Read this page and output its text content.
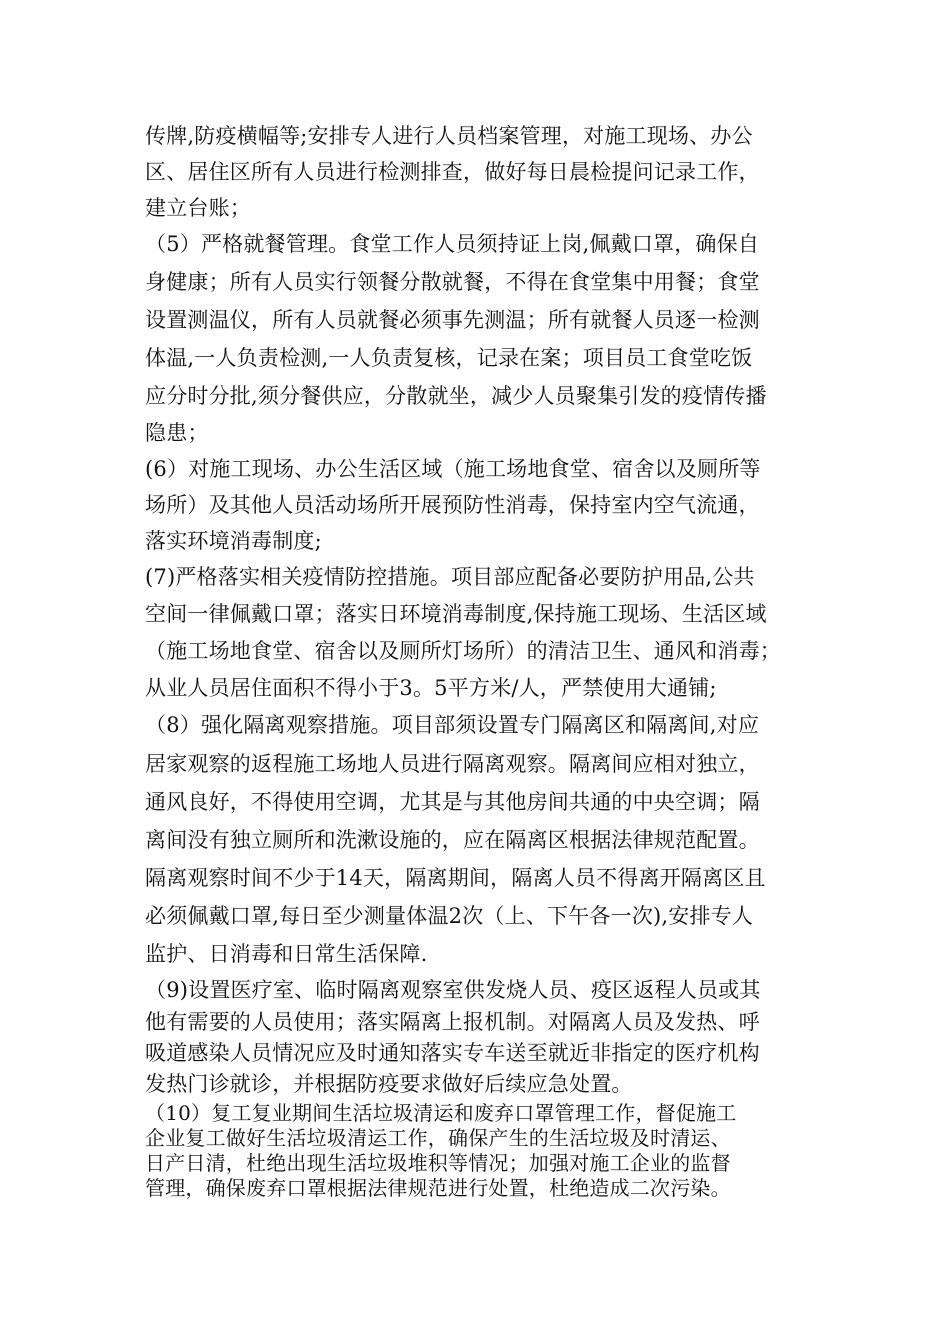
传牌,防疫横幅等;安排专人进行人员档案管理，对施工现场、办公
区、居住区所有人员进行检测排查，做好每日晨检提问记录工作，
建立台账；
（5）严格就餐管理。食堂工作人员须持证上岗,佩戴口罩，确保自
身健康；所有人员实行领餐分散就餐，不得在食堂集中用餐；食堂
设置测温仪，所有人员就餐必须事先测温；所有就餐人员逐一检测
体温,一人负责检测,一人负责复核，记录在案；项目员工食堂吃饭
应分时分批,须分餐供应，分散就坐，减少人员聚集引发的疫情传播
隐患；
(6）对施工现场、办公生活区域（施工场地食堂、宿舍以及厕所等
场所）及其他人员活动场所开展预防性消毒，保持室内空气流通，
落实环境消毒制度;
(7)严格落实相关疫情防控措施。项目部应配备必要防护用品,公共
空间一律佩戴口罩；落实日环境消毒制度,保持施工现场、生活区域
（施工场地食堂、宿舍以及厕所灯场所）的清洁卫生、通风和消毒；
从业人员居住面积不得小于3。5平方米/人，严禁使用大通铺;
（8）强化隔离观察措施。项目部须设置专门隔离区和隔离间,对应
居家观察的返程施工场地人员进行隔离观察。隔离间应相对独立，
通风良好，不得使用空调，尤其是与其他房间共通的中央空调；隔
离间没有独立厕所和洗漱设施的，应在隔离区根据法律规范配置。
隔离观察时间不少于14天，隔离期间，隔离人员不得离开隔离区且
必须佩戴口罩,每日至少测量体温2次（上、下午各一次),安排专人
监护、日消毒和日常生活保障.
（9)设置医疗室、临时隔离观察室供发烧人员、疫区返程人员或其
他有需要的人员使用；落实隔离上报机制。对隔离人员及发热、呼
吸道感染人员情况应及时通知落实专车送至就近非指定的医疗机构
发热门诊就诊，并根据防疫要求做好后续应急处置。
（10）复工复业期间生活垃圾清运和废弃口罩管理工作，督促施工
企业复工做好生活垃圾清运工作，确保产生的生活垃圾及时清运、
日产日清，杜绝出现生活垃圾堆积等情况；加强对施工企业的监督
管理，确保废弃口罩根据法律规范进行处置，杜绝造成二次污染。
